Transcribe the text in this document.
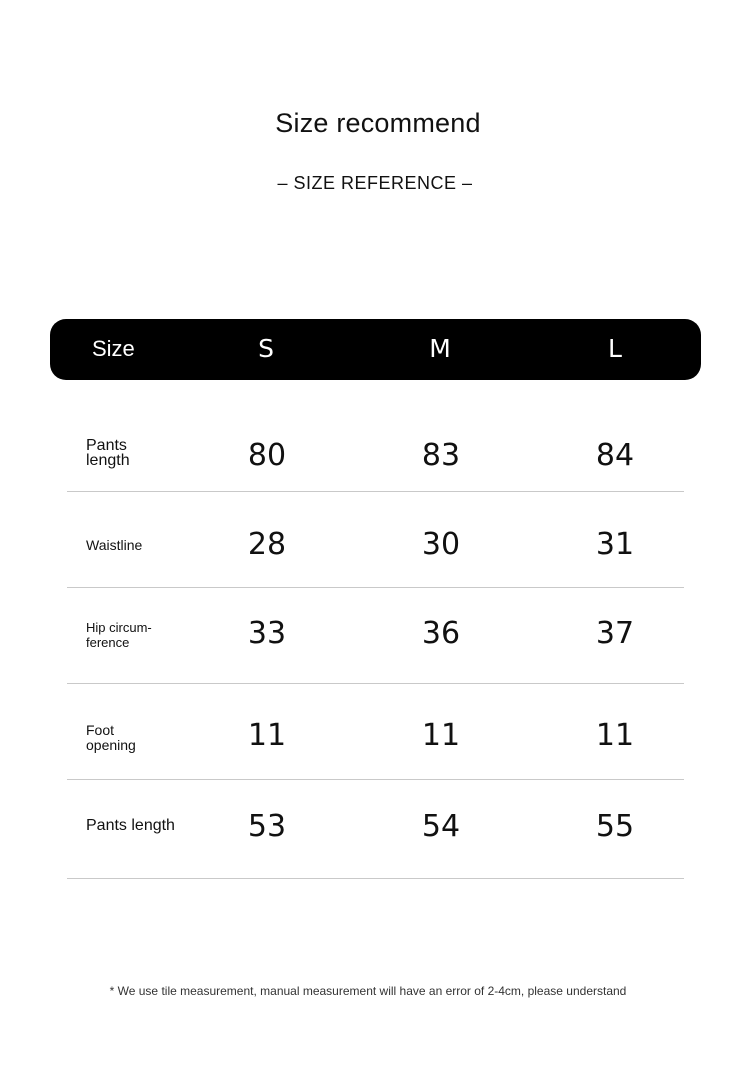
Size recommend
– SIZE REFERENCE –
Size	S	M	L
Pants
length	80	83	84
Waistline	28	30	31
Hip circum-
ference	33	36	37
Foot
opening	11	11	11
Pants length	53	54	55
* We use tile measurement, manual measurement will have an error of 2-4cm, please understand
